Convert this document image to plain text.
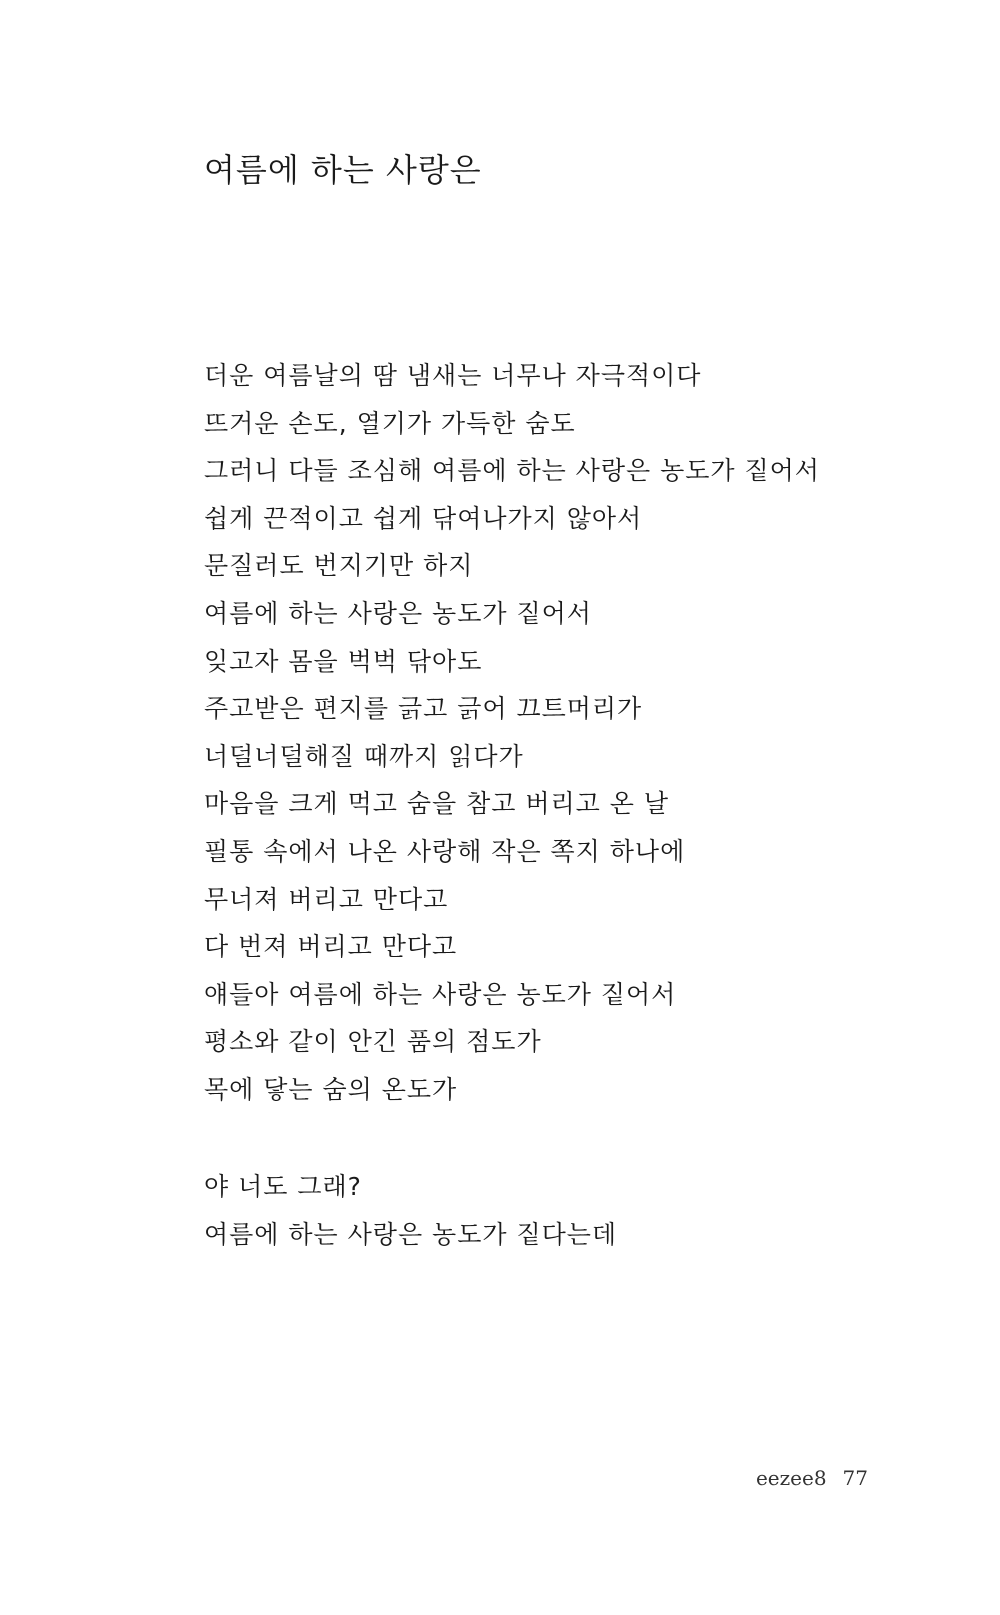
여름에 하는 사랑은
더운 여름날의 땀 냄새는 너무나 자극적이다
뜨거운 손도, 열기가 가득한 숨도
그러니 다들 조심해 여름에 하는 사랑은 농도가 짙어서
쉽게 끈적이고 쉽게 닦여나가지 않아서
문질러도 번지기만 하지
여름에 하는 사랑은 농도가 짙어서
잊고자 몸을 벅벅 닦아도
주고받은 편지를 긁고 긁어 끄트머리가
너덜너덜해질 때까지 읽다가
마음을 크게 먹고 숨을 참고 버리고 온 날
필통 속에서 나온 사랑해 작은 쪽지 하나에
무너져 버리고 만다고
다 번져 버리고 만다고
얘들아 여름에 하는 사랑은 농도가 짙어서
평소와 같이 안긴 품의 점도가
목에 닿는 숨의 온도가
야 너도 그래?
여름에 하는 사랑은 농도가 짙다는데
eezee8 77
